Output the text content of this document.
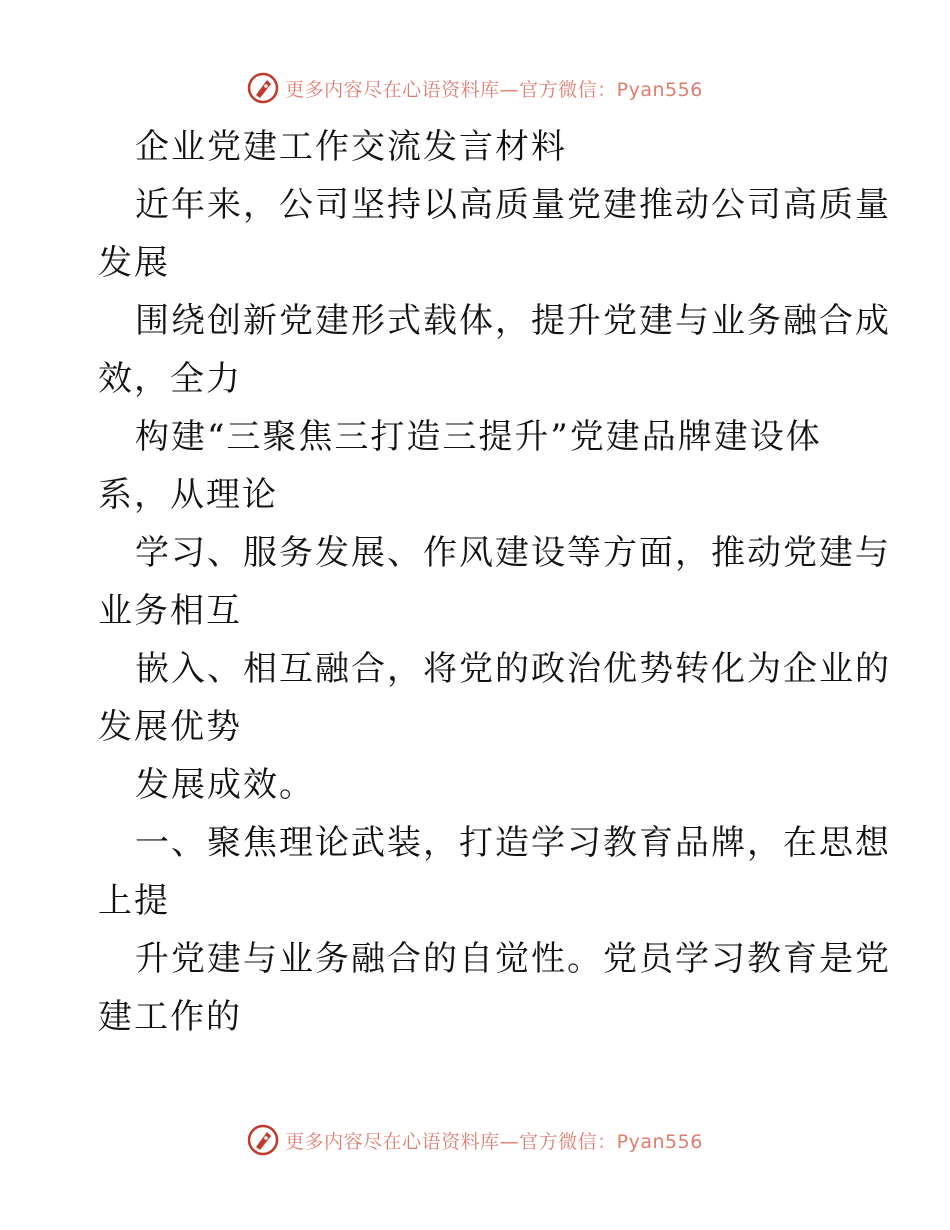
更多内容尽在心语资料库—官方微信：Pyan556
企业党建工作交流发言材料
近年来，公司坚持以高质量党建推动公司高质量
发展
围绕创新党建形式载体，提升党建与业务融合成
效，全力
构建“三聚焦三打造三提升”党建品牌建设体
系，从理论
学习、服务发展、作风建设等方面，推动党建与
业务相互
嵌入、相互融合，将党的政治优势转化为企业的
发展优势
发展成效。
一、聚焦理论武装，打造学习教育品牌，在思想
上提
升党建与业务融合的自觉性。党员学习教育是党
建工作的
更多内容尽在心语资料库—官方微信：Pyan556
